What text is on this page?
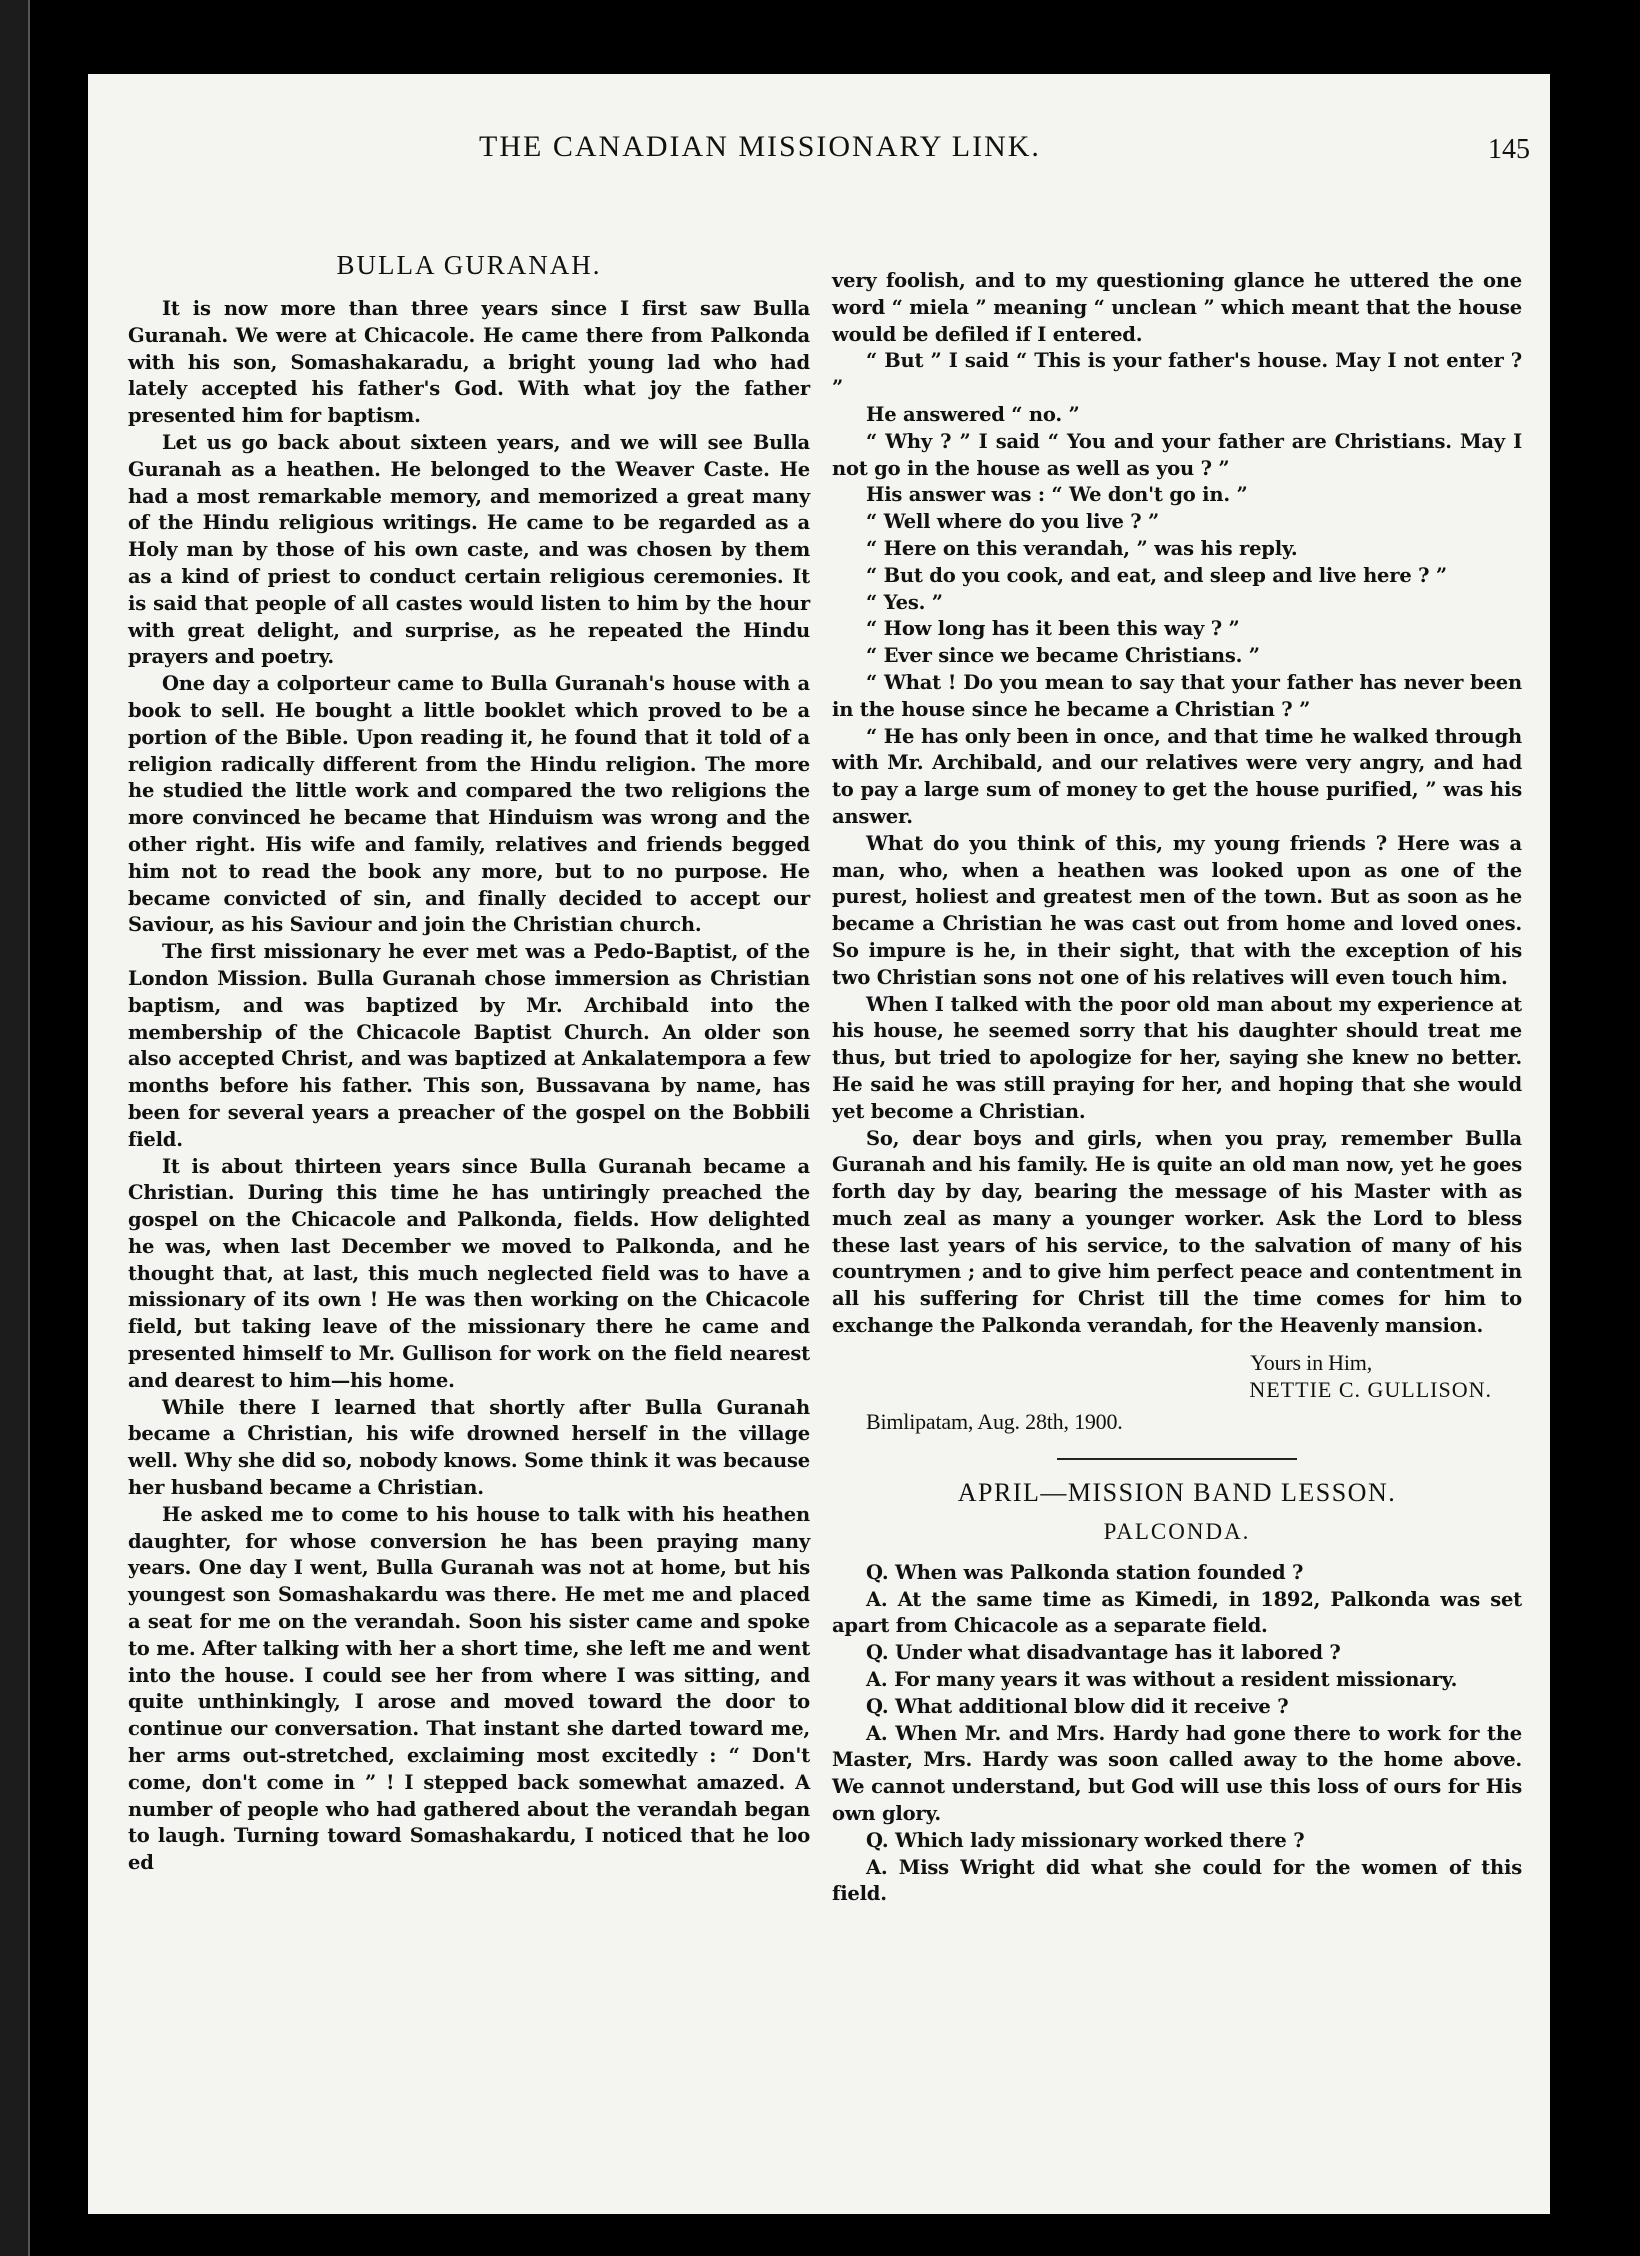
THE CANADIAN MISSIONARY LINK.	145
BULLA GURANAH.

It is now more than three years since I first saw Bulla Guranah. We were at Chicacole. He came there from Palkonda with his son, Somashakaradu, a bright young lad who had lately accepted his father's God. With what joy the father presented him for baptism.

Let us go back about sixteen years, and we will see Bulla Guranah as a heathen. He belonged to the Weaver Caste. He had a most remarkable memory, and memorized a great many of the Hindu religious writings. He came to be regarded as a Holy man by those of his own caste, and was chosen by them as a kind of priest to conduct certain religious ceremonies. It is said that people of all castes would listen to him by the hour with great delight, and surprise, as he repeated the Hindu prayers and poetry.

One day a colporteur came to Bulla Guranah's house with a book to sell. He bought a little booklet which proved to be a portion of the Bible. Upon reading it, he found that it told of a religion radically different from the Hindu religion. The more he studied the little work and compared the two religions the more convinced he became that Hinduism was wrong and the other right. His wife and family, relatives and friends begged him not to read the book any more, but to no purpose. He became convicted of sin, and finally decided to accept our Saviour, as his Saviour and join the Christian church.

The first missionary he ever met was a Pedo-Baptist, of the London Mission. Bulla Guranah chose immersion as Christian baptism, and was baptized by Mr. Archibald into the membership of the Chicacole Baptist Church. An older son also accepted Christ, and was baptized at Ankalatempora a few months before his father. This son, Bussavana by name, has been for several years a preacher of the gospel on the Bobbili field.

It is about thirteen years since Bulla Guranah became a Christian. During this time he has untiringly preached the gospel on the Chicacole and Palkonda, fields. How delighted he was, when last December we moved to Palkonda, and he thought that, at last, this much neglected field was to have a missionary of its own ! He was then working on the Chicacole field, but taking leave of the missionary there he came and presented himself to Mr. Gullison for work on the field nearest and dearest to him—his home.

While there I learned that shortly after Bulla Guranah became a Christian, his wife drowned herself in the village well. Why she did so, nobody knows. Some think it was because her husband became a Christian.

He asked me to come to his house to talk with his heathen daughter, for whose conversion he has been praying many years. One day I went, Bulla Guranah was not at home, but his youngest son Somashakardu was there. He met me and placed a seat for me on the verandah. Soon his sister came and spoke to me. After talking with her a short time, she left me and went into the house. I could see her from where I was sitting, and quite unthinkingly, I arose and moved toward the door to continue our conversation. That instant she darted toward me, her arms out-stretched, exclaiming most excitedly : “ Don't come, don't come in ” ! I stepped back somewhat amazed. A number of people who had gathered about the verandah began to laugh. Turning toward Somashakardu, I noticed that he loo ed

very foolish, and to my questioning glance he uttered the one word “ miela ” meaning “ unclean ” which meant that the house would be defiled if I entered.

“ But ” I said “ This is your father's house. May I not enter ? ”

He answered “ no. ”

“ Why ? ” I said “ You and your father are Christians. May I not go in the house as well as you ? ”

His answer was : “ We don't go in. ”

“ Well where do you live ? ”

“ Here on this verandah, ” was his reply.

“ But do you cook, and eat, and sleep and live here ? ”

“ Yes. ”

“ How long has it been this way ? ”

“ Ever since we became Christians. ”

“ What ! Do you mean to say that your father has never been in the house since he became a Christian ? ”

“ He has only been in once, and that time he walked through with Mr. Archibald, and our relatives were very angry, and had to pay a large sum of money to get the house purified, ” was his answer.

What do you think of this, my young friends ? Here was a man, who, when a heathen was looked upon as one of the purest, holiest and greatest men of the town. But as soon as he became a Christian he was cast out from home and loved ones. So impure is he, in their sight, that with the exception of his two Christian sons not one of his relatives will even touch him.

When I talked with the poor old man about my experience at his house, he seemed sorry that his daughter should treat me thus, but tried to apologize for her, saying she knew no better. He said he was still praying for her, and hoping that she would yet become a Christian.

So, dear boys and girls, when you pray, remember Bulla Guranah and his family. He is quite an old man now, yet he goes forth day by day, bearing the message of his Master with as much zeal as many a younger worker. Ask the Lord to bless these last years of his service, to the salvation of many of his countrymen ; and to give him perfect peace and contentment in all his suffering for Christ till the time comes for him to exchange the Palkonda verandah, for the Heavenly mansion.

Yours in Him,
NETTIE C. GULLISON.
Bimlipatam, Aug. 28th, 1900.
APRIL—MISSION BAND LESSON.
PALCONDA.

Q. When was Palkonda station founded ?

A. At the same time as Kimedi, in 1892, Palkonda was set apart from Chicacole as a separate field.

Q. Under what disadvantage has it labored ?

A. For many years it was without a resident missionary.

Q. What additional blow did it receive ?

A. When Mr. and Mrs. Hardy had gone there to work for the Master, Mrs. Hardy was soon called away to the home above. We cannot understand, but God will use this loss of ours for His own glory.

Q. Which lady missionary worked there ?

A. Miss Wright did what she could for the women of this field.
